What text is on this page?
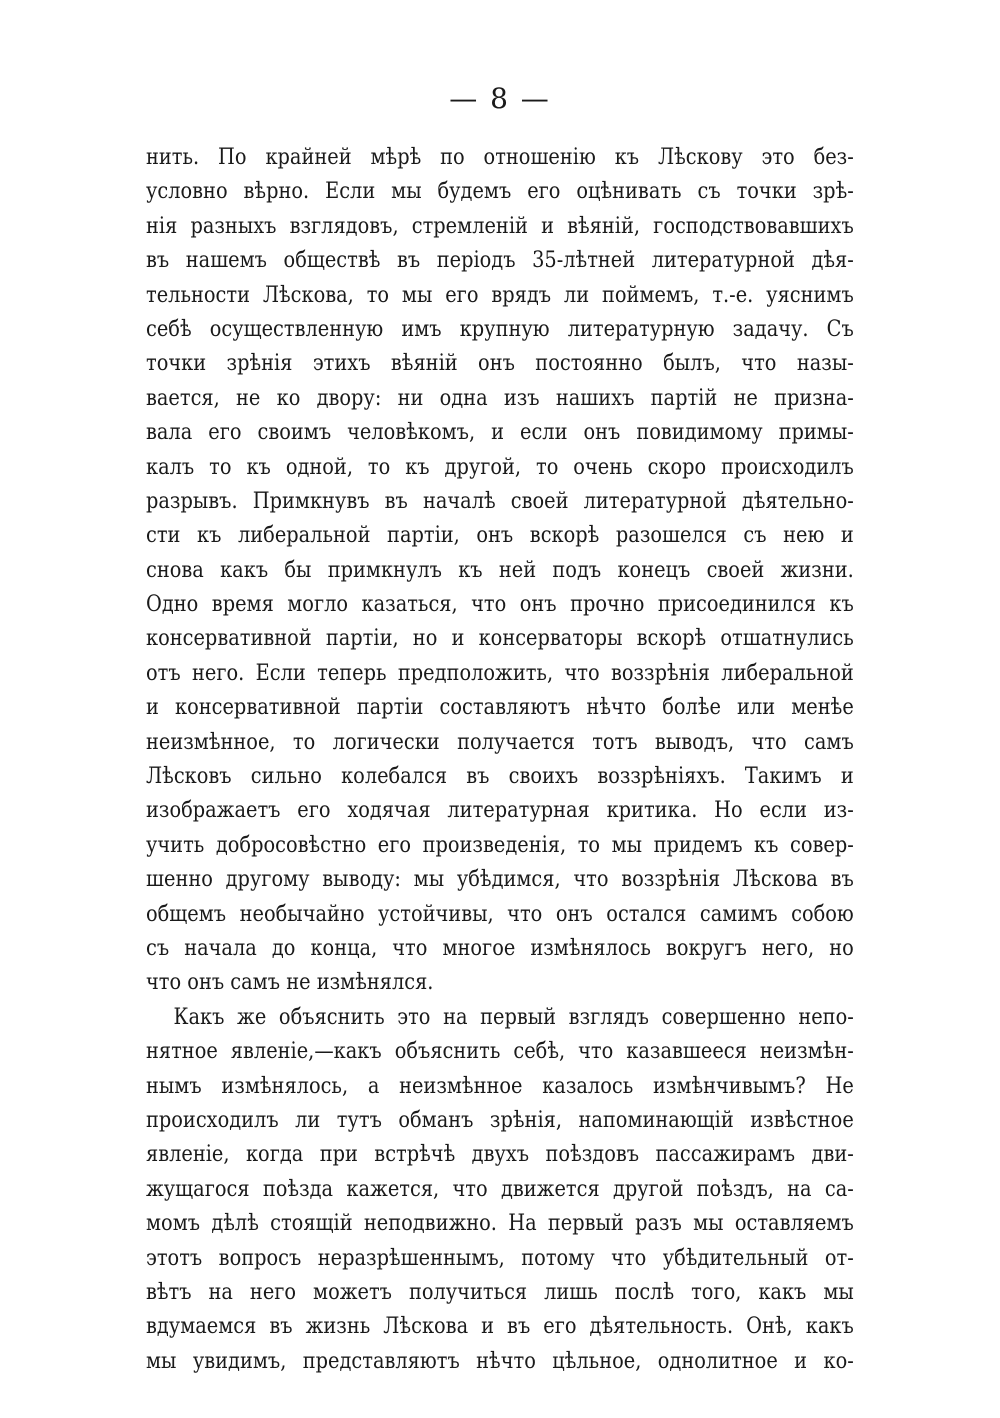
— 8 —
нить. По крайней мѣрѣ по отношенію къ Лѣскову это без-
условно вѣрно. Если мы будемъ его оцѣнивать съ точки зрѣ-
нія разныхъ взглядовъ, стремленій и вѣяній, господствовавшихъ
въ нашемъ обществѣ въ періодъ 35-лѣтней литературной дѣя-
тельности Лѣскова, то мы его врядъ ли поймемъ, т.-е. уяснимъ
себѣ осуществленную имъ крупную литературную задачу. Съ
точки зрѣнія этихъ вѣяній онъ постоянно былъ, что назы-
вается, не ко двору: ни одна изъ нашихъ партій не призна-
вала его своимъ человѣкомъ, и если онъ повидимому примы-
калъ то къ одной, то къ другой, то очень скоро происходилъ
разрывъ. Примкнувъ въ началѣ своей литературной дѣятельно-
сти къ либеральной партіи, онъ вскорѣ разошелся съ нею и
снова какъ бы примкнулъ къ ней подъ конецъ своей жизни.
Одно время могло казаться, что онъ прочно присоединился къ
консервативной партіи, но и консерваторы вскорѣ отшатнулись
отъ него. Если теперь предположить, что воззрѣнія либеральной
и консервативной партіи составляютъ нѣчто болѣе или менѣе
неизмѣнное, то логически получается тотъ выводъ, что самъ
Лѣсковъ сильно колебался въ своихъ воззрѣніяхъ. Такимъ и
изображаетъ его ходячая литературная критика. Но если из-
учить добросовѣстно его произведенія, то мы придемъ къ совер-
шенно другому выводу: мы убѣдимся, что воззрѣнія Лѣскова въ
общемъ необычайно устойчивы, что онъ остался самимъ собою
съ начала до конца, что многое измѣнялось вокругъ него, но
что онъ самъ не измѣнялся.
Какъ же объяснить это на первый взглядъ совершенно непо-
нятное явленіе,—какъ объяснить себѣ, что казавшееся неизмѣн-
нымъ измѣнялось, а неизмѣнное казалось измѣнчивымъ? Не
происходилъ ли тутъ обманъ зрѣнія, напоминающій извѣстное
явленіе, когда при встрѣчѣ двухъ поѣздовъ пассажирамъ дви-
жущагося поѣзда кажется, что движется другой поѣздъ, на са-
момъ дѣлѣ стоящій неподвижно. На первый разъ мы оставляемъ
этотъ вопросъ неразрѣшеннымъ, потому что убѣдительный от-
вѣтъ на него можетъ получиться лишь послѣ того, какъ мы
вдумаемся въ жизнь Лѣскова и въ его дѣятельность. Онѣ, какъ
мы увидимъ, представляютъ нѣчто цѣльное, однолитное и ко-
